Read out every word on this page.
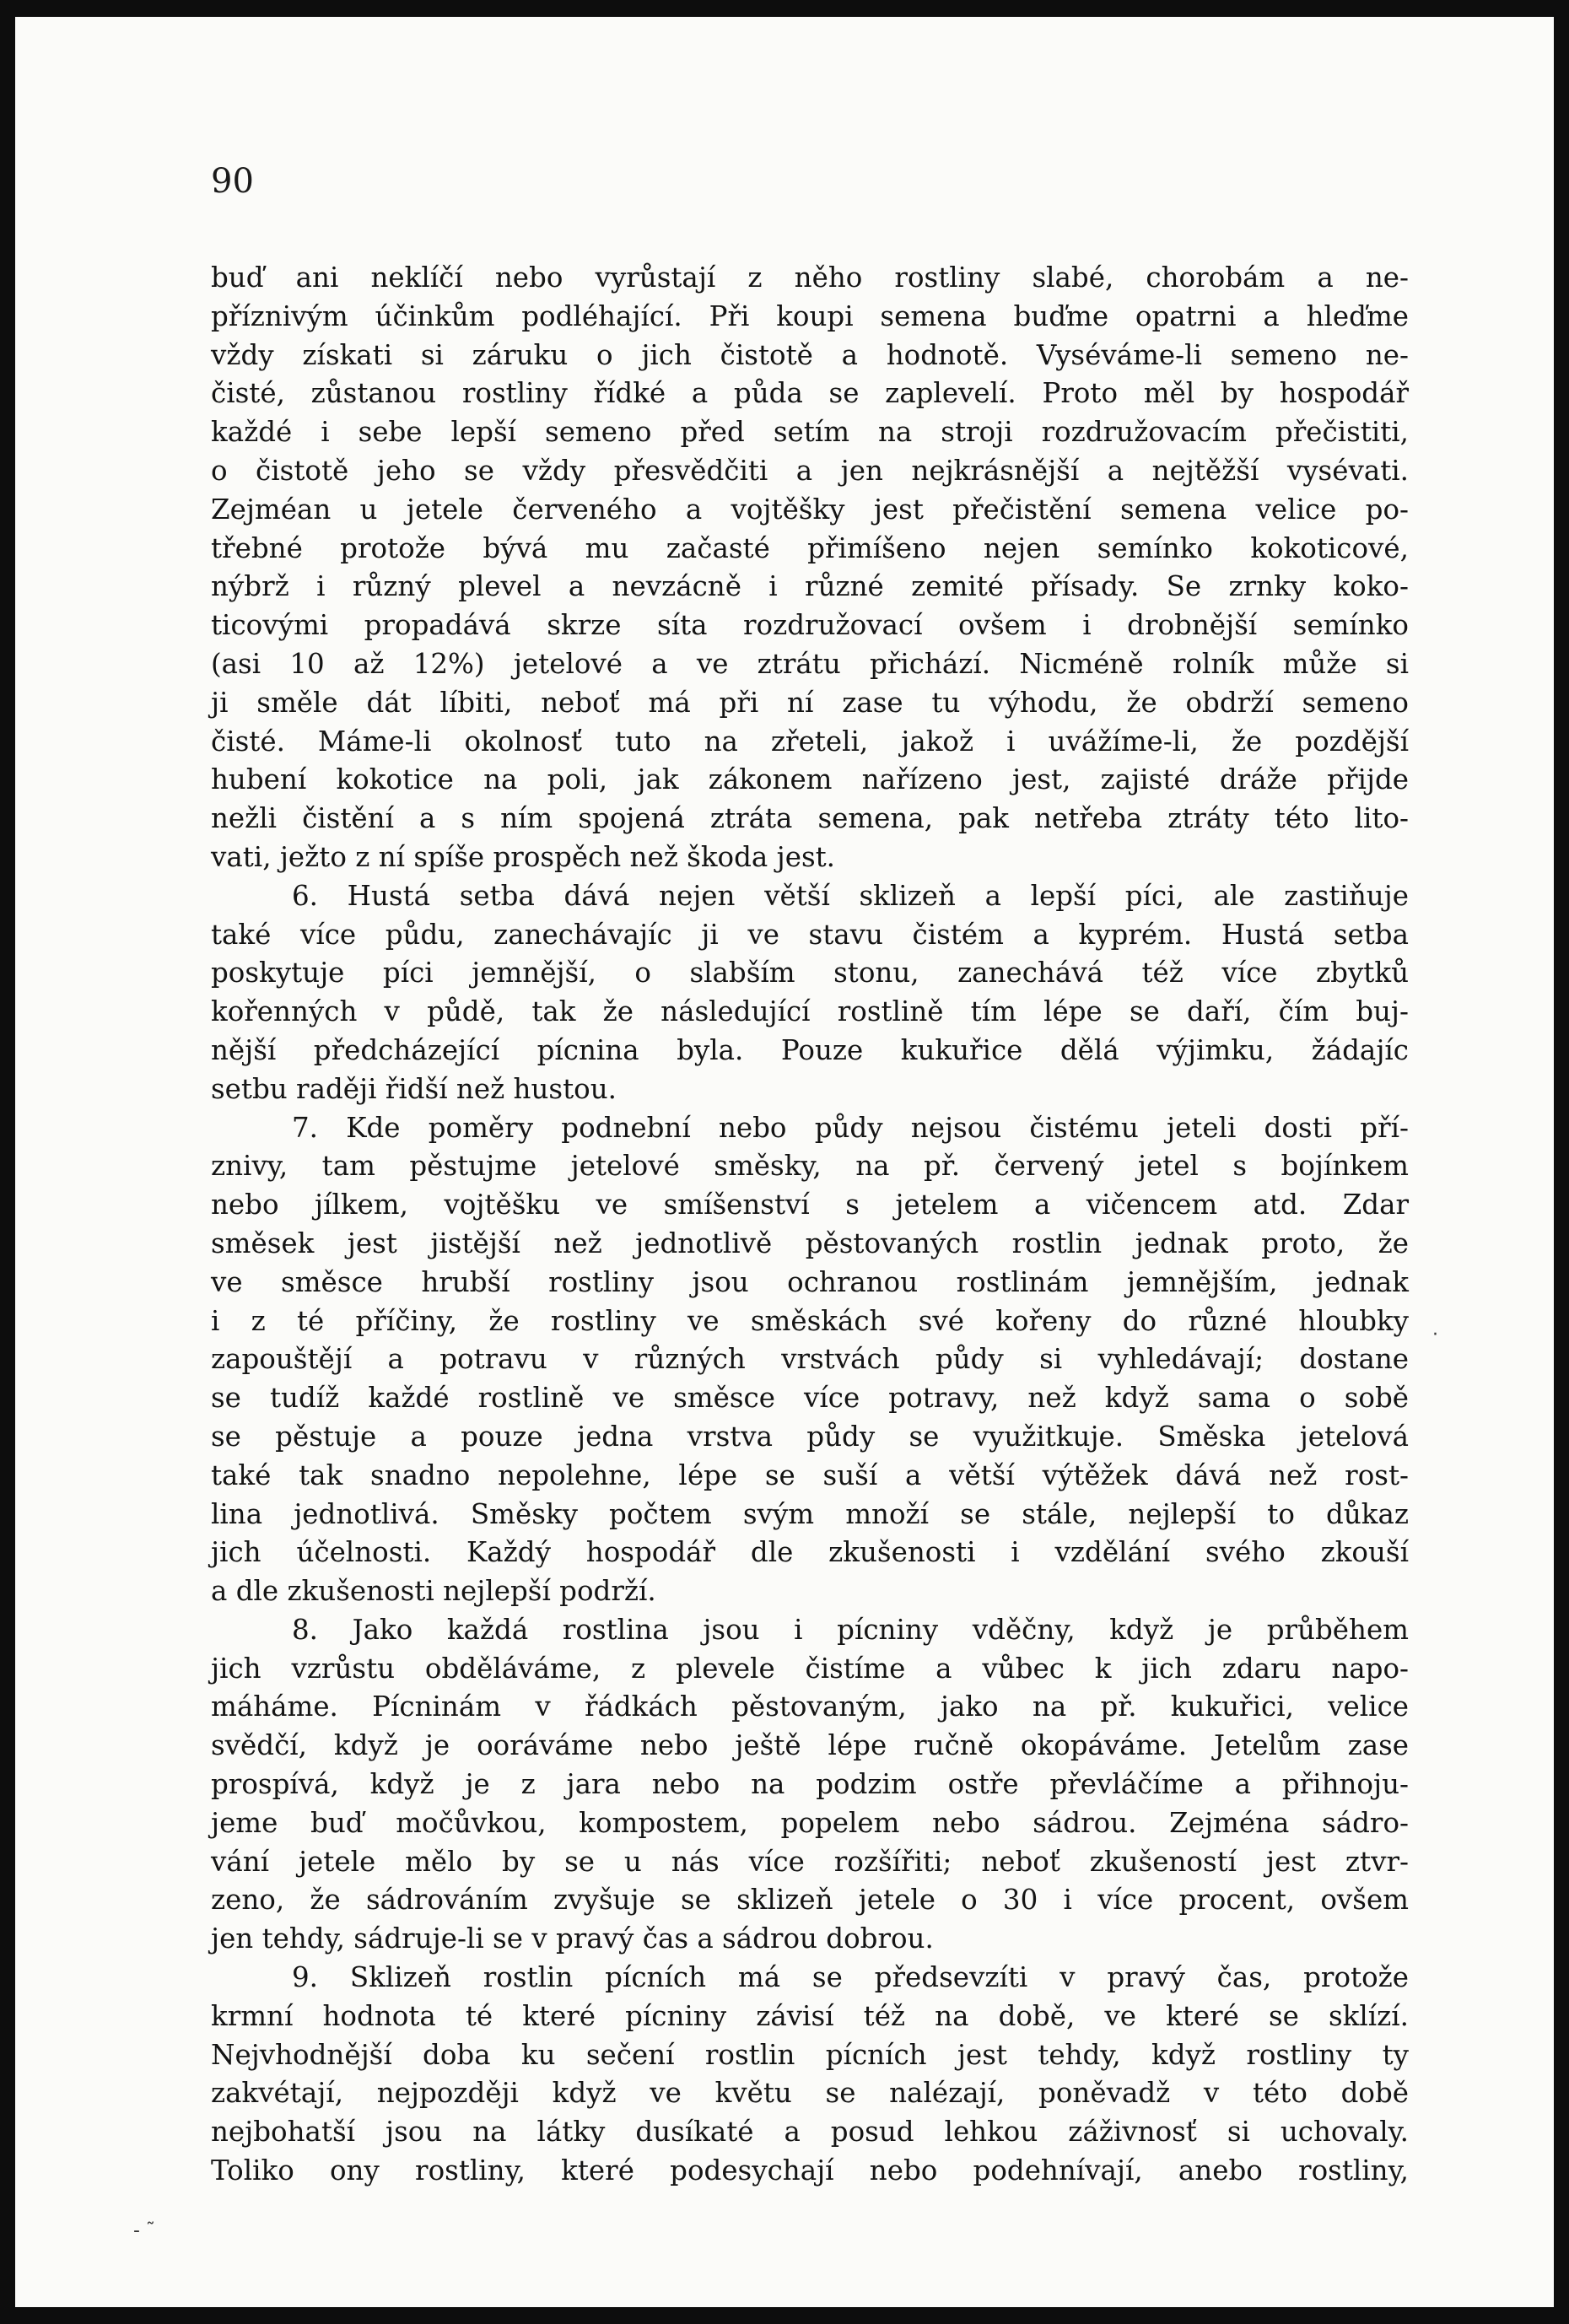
90
buď ani neklíčí nebo vyrůstají z něho rostliny slabé, chorobám a ne-
příznivým účinkům podléhající. Při koupi semena buďme opatrni a hleďme
vždy získati si záruku o jich čistotě a hodnotě. Vyséváme-li semeno ne-
čisté, zůstanou rostliny řídké a půda se zaplevelí. Proto měl by hospodář
každé i sebe lepší semeno před setím na stroji rozdružovacím přečistiti,
o čistotě jeho se vždy přesvědčiti a jen nejkrásnější a nejtěžší vysévati.
Zejméan u jetele červeného a vojtěšky jest přečistění semena velice po-
třebné protože bývá mu začasté přimíšeno nejen semínko kokoticové,
nýbrž i různý plevel a nevzácně i různé zemité přísady. Se zrnky koko-
ticovými propadává skrze síta rozdružovací ovšem i drobnější semínko
(asi 10 až 12%) jetelové a ve ztrátu přichází. Nicméně rolník může si
ji směle dát líbiti, neboť má při ní zase tu výhodu, že obdrží semeno
čisté. Máme-li okolnosť tuto na zřeteli, jakož i uvážíme-li, že pozdější
hubení kokotice na poli, jak zákonem nařízeno jest, zajisté dráže přijde
nežli čistění a s ním spojená ztráta semena, pak netřeba ztráty této lito-
vati, ježto z ní spíše prospěch než škoda jest.
6. Hustá setba dává nejen větší sklizeň a lepší píci, ale zastiňuje
také více půdu, zanechávajíc ji ve stavu čistém a kyprém. Hustá setba
poskytuje píci jemnější, o slabším stonu, zanechává též více zbytků
kořenných v půdě, tak že následující rostlině tím lépe se daří, čím buj-
nější předcházející pícnina byla. Pouze kukuřice dělá výjimku, žádajíc
setbu raději řidší než hustou.
7. Kde poměry podnební nebo půdy nejsou čistému jeteli dosti pří-
znivy, tam pěstujme jetelové směsky, na př. červený jetel s bojínkem
nebo jílkem, vojtěšku ve smíšenství s jetelem a vičencem atd. Zdar
směsek jest jistější než jednotlivě pěstovaných rostlin jednak proto, že
ve směsce hrubší rostliny jsou ochranou rostlinám jemnějším, jednak
i z té příčiny, že rostliny ve směskách své kořeny do různé hloubky
zapouštějí a potravu v různých vrstvách půdy si vyhledávají; dostane
se tudíž každé rostlině ve směsce více potravy, než když sama o sobě
se pěstuje a pouze jedna vrstva půdy se využitkuje. Směska jetelová
také tak snadno nepolehne, lépe se suší a větší výtěžek dává než rost-
lina jednotlivá. Směsky počtem svým množí se stále, nejlepší to důkaz
jich účelnosti. Každý hospodář dle zkušenosti i vzdělání svého zkouší
a dle zkušenosti nejlepší podrží.
8. Jako každá rostlina jsou i pícniny vděčny, když je průběhem
jich vzrůstu obděláváme, z plevele čistíme a vůbec k jich zdaru napo-
máháme. Pícninám v řádkách pěstovaným, jako na př. kukuřici, velice
svědčí, když je ooráváme nebo ještě lépe ručně okopáváme. Jetelům zase
prospívá, když je z jara nebo na podzim ostře převláčíme a přihnoju-
jeme buď močůvkou, kompostem, popelem nebo sádrou. Zejména sádro-
vání jetele mělo by se u nás více rozšířiti; neboť zkušeností jest ztvr-
zeno, že sádrováním zvyšuje se sklizeň jetele o 30 i více procent, ovšem
jen tehdy, sádruje-li se v pravý čas a sádrou dobrou.
9. Sklizeň rostlin pícních má se předsevzíti v pravý čas, protože
krmní hodnota té které pícniny závisí též na době, ve které se sklízí.
Nejvhodnější doba ku sečení rostlin pícních jest tehdy, když rostliny ty
zakvétají, nejpozději když ve květu se nalézají, poněvadž v této době
nejbohatší jsou na látky dusíkaté a posud lehkou záživnosť si uchovaly.
Toliko ony rostliny, které podesychají nebo podehnívají, anebo rostliny,
·
‐ ˜
